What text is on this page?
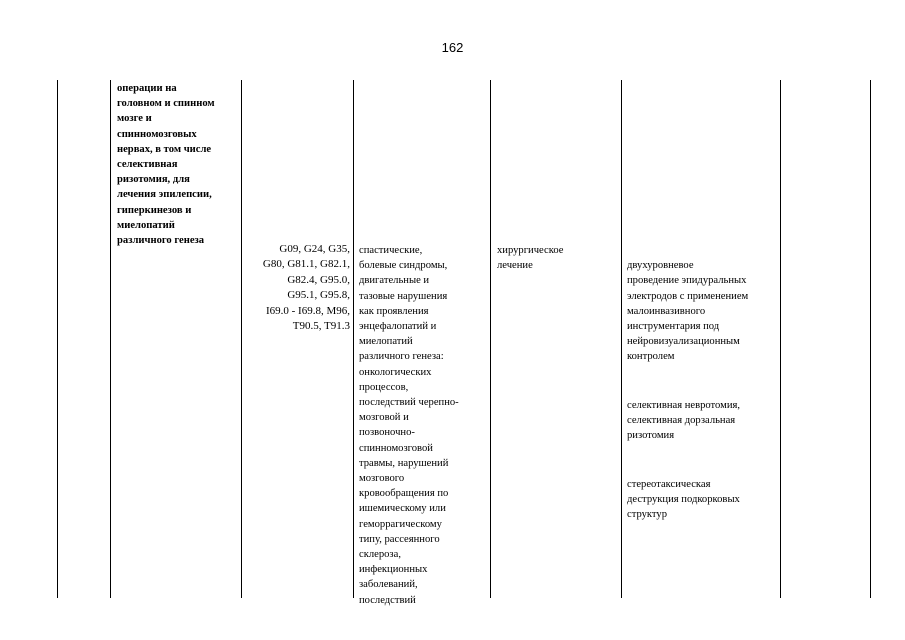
162
операции на
головном и спинном
мозге и
спинномозговых
нервах, в том числе
селективная
ризотомия, для
лечения эпилепсии,
гиперкинезов и
миелопатий
различного генеза
G09, G24, G35,
G80, G81.1, G82.1,
G82.4, G95.0,
G95.1, G95.8,
I69.0 - I69.8, M96,
T90.5, T91.3
спастические,
болевые синдромы,
двигательные и
тазовые нарушения
как проявления
энцефалопатий и
миелопатий
различного генеза:
онкологических
процессов,
последствий черепно-
мозговой и
позвоночно-
спинномозговой
травмы, нарушений
мозгового
кровообращения по
ишемическому или
геморрагическому
типу, рассеянного
склероза,
инфекционных
заболеваний,
последствий
хирургическое
лечение	двухуровневое
проведение эпидуральных
электродов с применением
малоинвазивного
инструментария под
нейровизуализационным
контролем

селективная невротомия,
селективная дорзальная
ризотомия

стереотаксическая
деструкция подкорковых
структур
